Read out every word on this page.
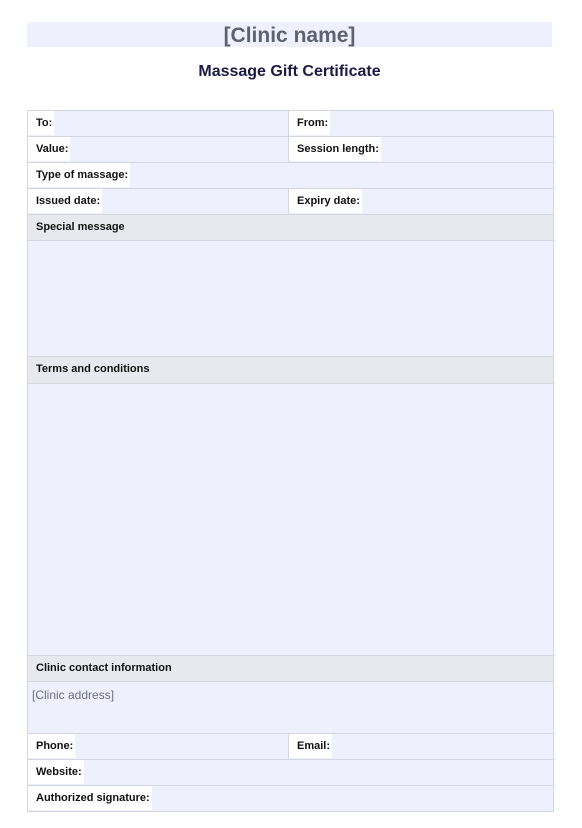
[Clinic name]
Massage Gift Certificate
To:	From:
Value:	Session length:
Type of massage:	
Issued date:	Expiry date:

Special message	

Terms and conditions	

Clinic contact information	

[Clinic address]	

Phone:	Email:
Website:	
Authorized signature:	
